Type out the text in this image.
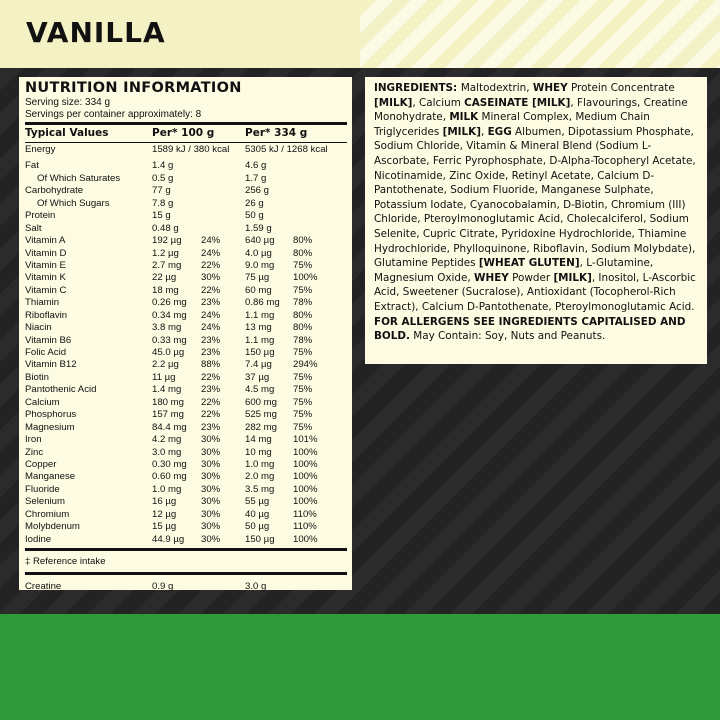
VANILLA
NUTRITION INFORMATION
Serving size: 334 g
Servings per container approximately: 8
Typical Values	Per* 100 g	Per* 334 g
Energy	1589 kJ / 380 kcal 5305 kJ / 1268 kcal
Fat	1.4 g	4.6 g
Of Which Saturates	0.5 g	1.7 g
Carbohydrate	77 g	256 g
Of Which Sugars	7.8 g	26 g
Protein	15 g	50 g
Salt	0.48 g	1.59 g
Vitamin A	192 µg	24%	640 µg	80%
Vitamin D	1.2 µg	24%	4.0 µg	80%
Vitamin E	2.7 mg	22%	9.0 mg	75%
Vitamin K	22 µg	30%	75 µg	100%
Vitamin C	18 mg	22%	60 mg	75%
Thiamin	0.26 mg	23%	0.86 mg	78%
Riboflavin	0.34 mg	24%	1.1 mg	80%
Niacin	3.8 mg	24%	13 mg	80%
Vitamin B6	0.33 mg	23%	1.1 mg	78%
Folic Acid	45.0 µg	23%	150 µg	75%
Vitamin B12	2.2 µg	88%	7.4 µg	294%
Biotin	11 µg	22%	37 µg	75%
Pantothenic Acid	1.4 mg	23%	4.5 mg	75%
Calcium	180 mg	22%	600 mg	75%
Phosphorus	157 mg	22%	525 mg	75%
Magnesium	84.4 mg	23%	282 mg	75%
Iron	4.2 mg	30%	14 mg	101%
Zinc	3.0 mg	30%	10 mg	100%
Copper	0.30 mg	30%	1.0 mg	100%
Manganese	0.60 mg	30%	2.0 mg	100%
Fluoride	1.0 mg	30%	3.5 mg	100%
Selenium	16 µg	30%	55 µg	100%
Chromium	12 µg	30%	40 µg	110%
Molybdenum	15 µg	30%	50 µg	110%
Iodine	44.9 µg	30%	150 µg	100%
‡ Reference intake
Creatine	0.9 g	3.0 g

INGREDIENTS: Maltodextrin, WHEY Protein Concentrate [MILK], Calcium CASEINATE [MILK], Flavourings, Creatine Monohydrate, MILK Mineral Complex, Medium Chain Triglycerides [MILK], EGG Albumen, Dipotassium Phosphate, Sodium Chloride, Vitamin & Mineral Blend (Sodium L-Ascorbate, Ferric Pyrophosphate, D-Alpha-Tocopheryl Acetate, Nicotinamide, Zinc Oxide, Retinyl Acetate, Calcium D-Pantothenate, Sodium Fluoride, Manganese Sulphate, Potassium Iodate, Cyanocobalamin, D-Biotin, Chromium (III) Chloride, Pteroylmonoglutamic Acid, Cholecalciferol, Sodium Selenite, Cupric Citrate, Pyridoxine Hydrochloride, Thiamine Hydrochloride, Phylloquinone, Riboflavin, Sodium Molybdate), Glutamine Peptides [WHEAT GLUTEN], L-Glutamine, Magnesium Oxide, WHEY Powder [MILK], Inositol, L-Ascorbic Acid, Sweetener (Sucralose), Antioxidant (Tocopherol-Rich Extract), Calcium D-Pantothenate, Pteroylmonoglutamic Acid. FOR ALLERGENS SEE INGREDIENTS CAPITALISED AND BOLD. May Contain: Soy, Nuts and Peanuts.
